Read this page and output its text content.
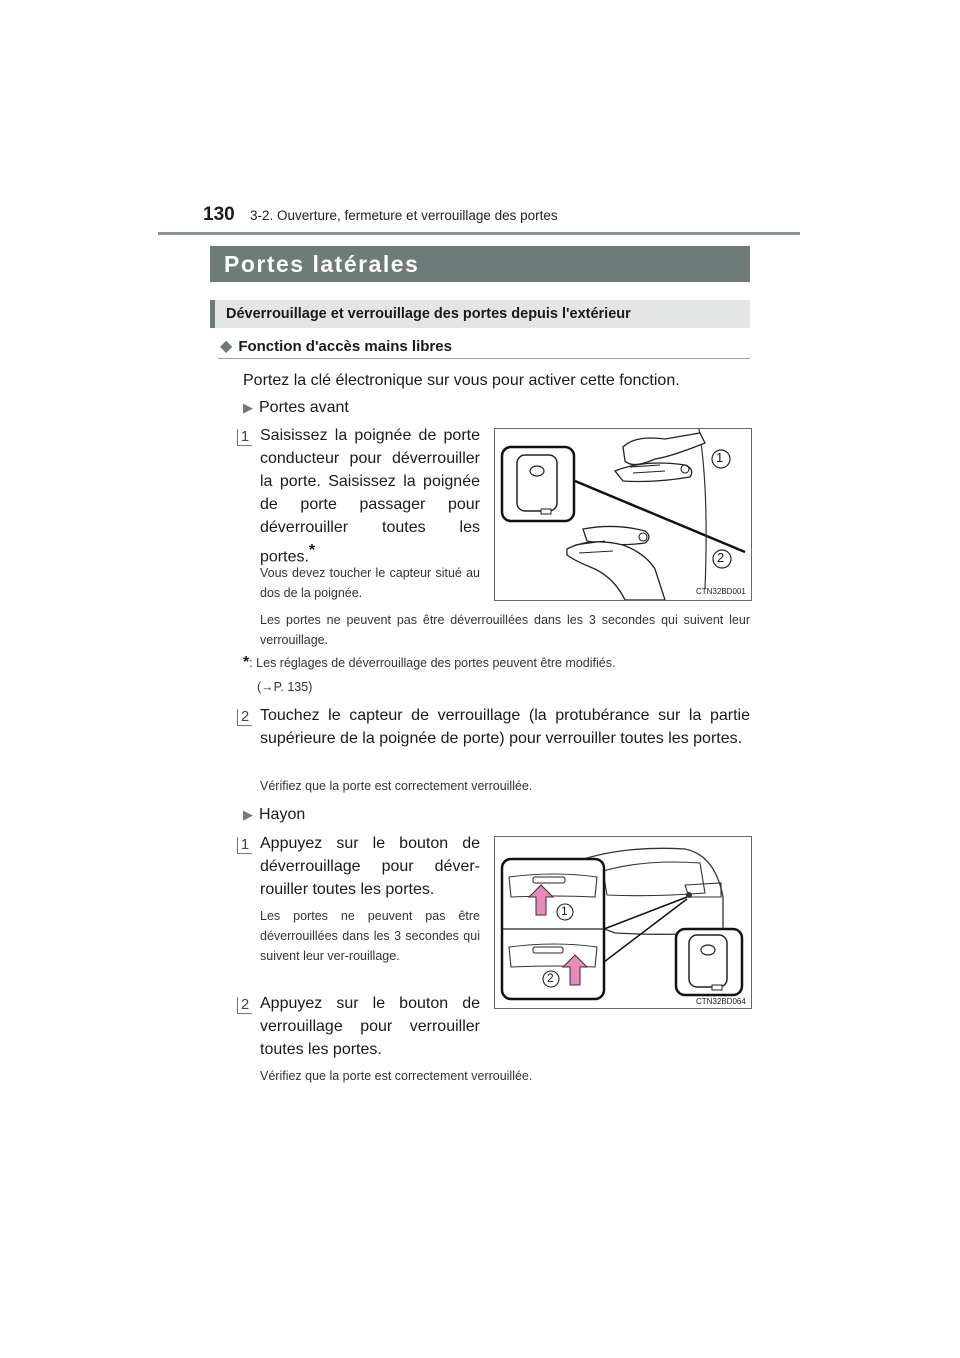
130 3-2. Ouverture, fermeture et verrouillage des portes
Portes latérales
Déverrouillage et verrouillage des portes depuis l'extérieur
◆ Fonction d'accès mains libres
Portez la clé électronique sur vous pour activer cette fonction.
▶ Portes avant
1 Saisissez la poignée de porte conducteur pour déverrouiller la porte. Saisissez la poignée de porte passager pour déverrouiller toutes les portes.*
Vous devez toucher le capteur situé au dos de la poignée.
1
2
CTN32BD001
Les portes ne peuvent pas être déverrouillées dans les 3 secondes qui suivent leur verrouillage.
*: Les réglages de déverrouillage des portes peuvent être modifiés.
(→P. 135)
2 Touchez le capteur de verrouillage (la protubérance sur la partie supérieure de la poignée de porte) pour verrouiller toutes les portes.
Vérifiez que la porte est correctement verrouillée.
▶ Hayon
1 Appuyez sur le bouton de déverrouillage pour déver-rouiller toutes les portes.
Les portes ne peuvent pas être déverrouillées dans les 3 secondes qui suivent leur ver-rouillage.
2 Appuyez sur le bouton de verrouillage pour verrouiller toutes les portes.
1
2
CTN32BD064
Vérifiez que la porte est correctement verrouillée.
